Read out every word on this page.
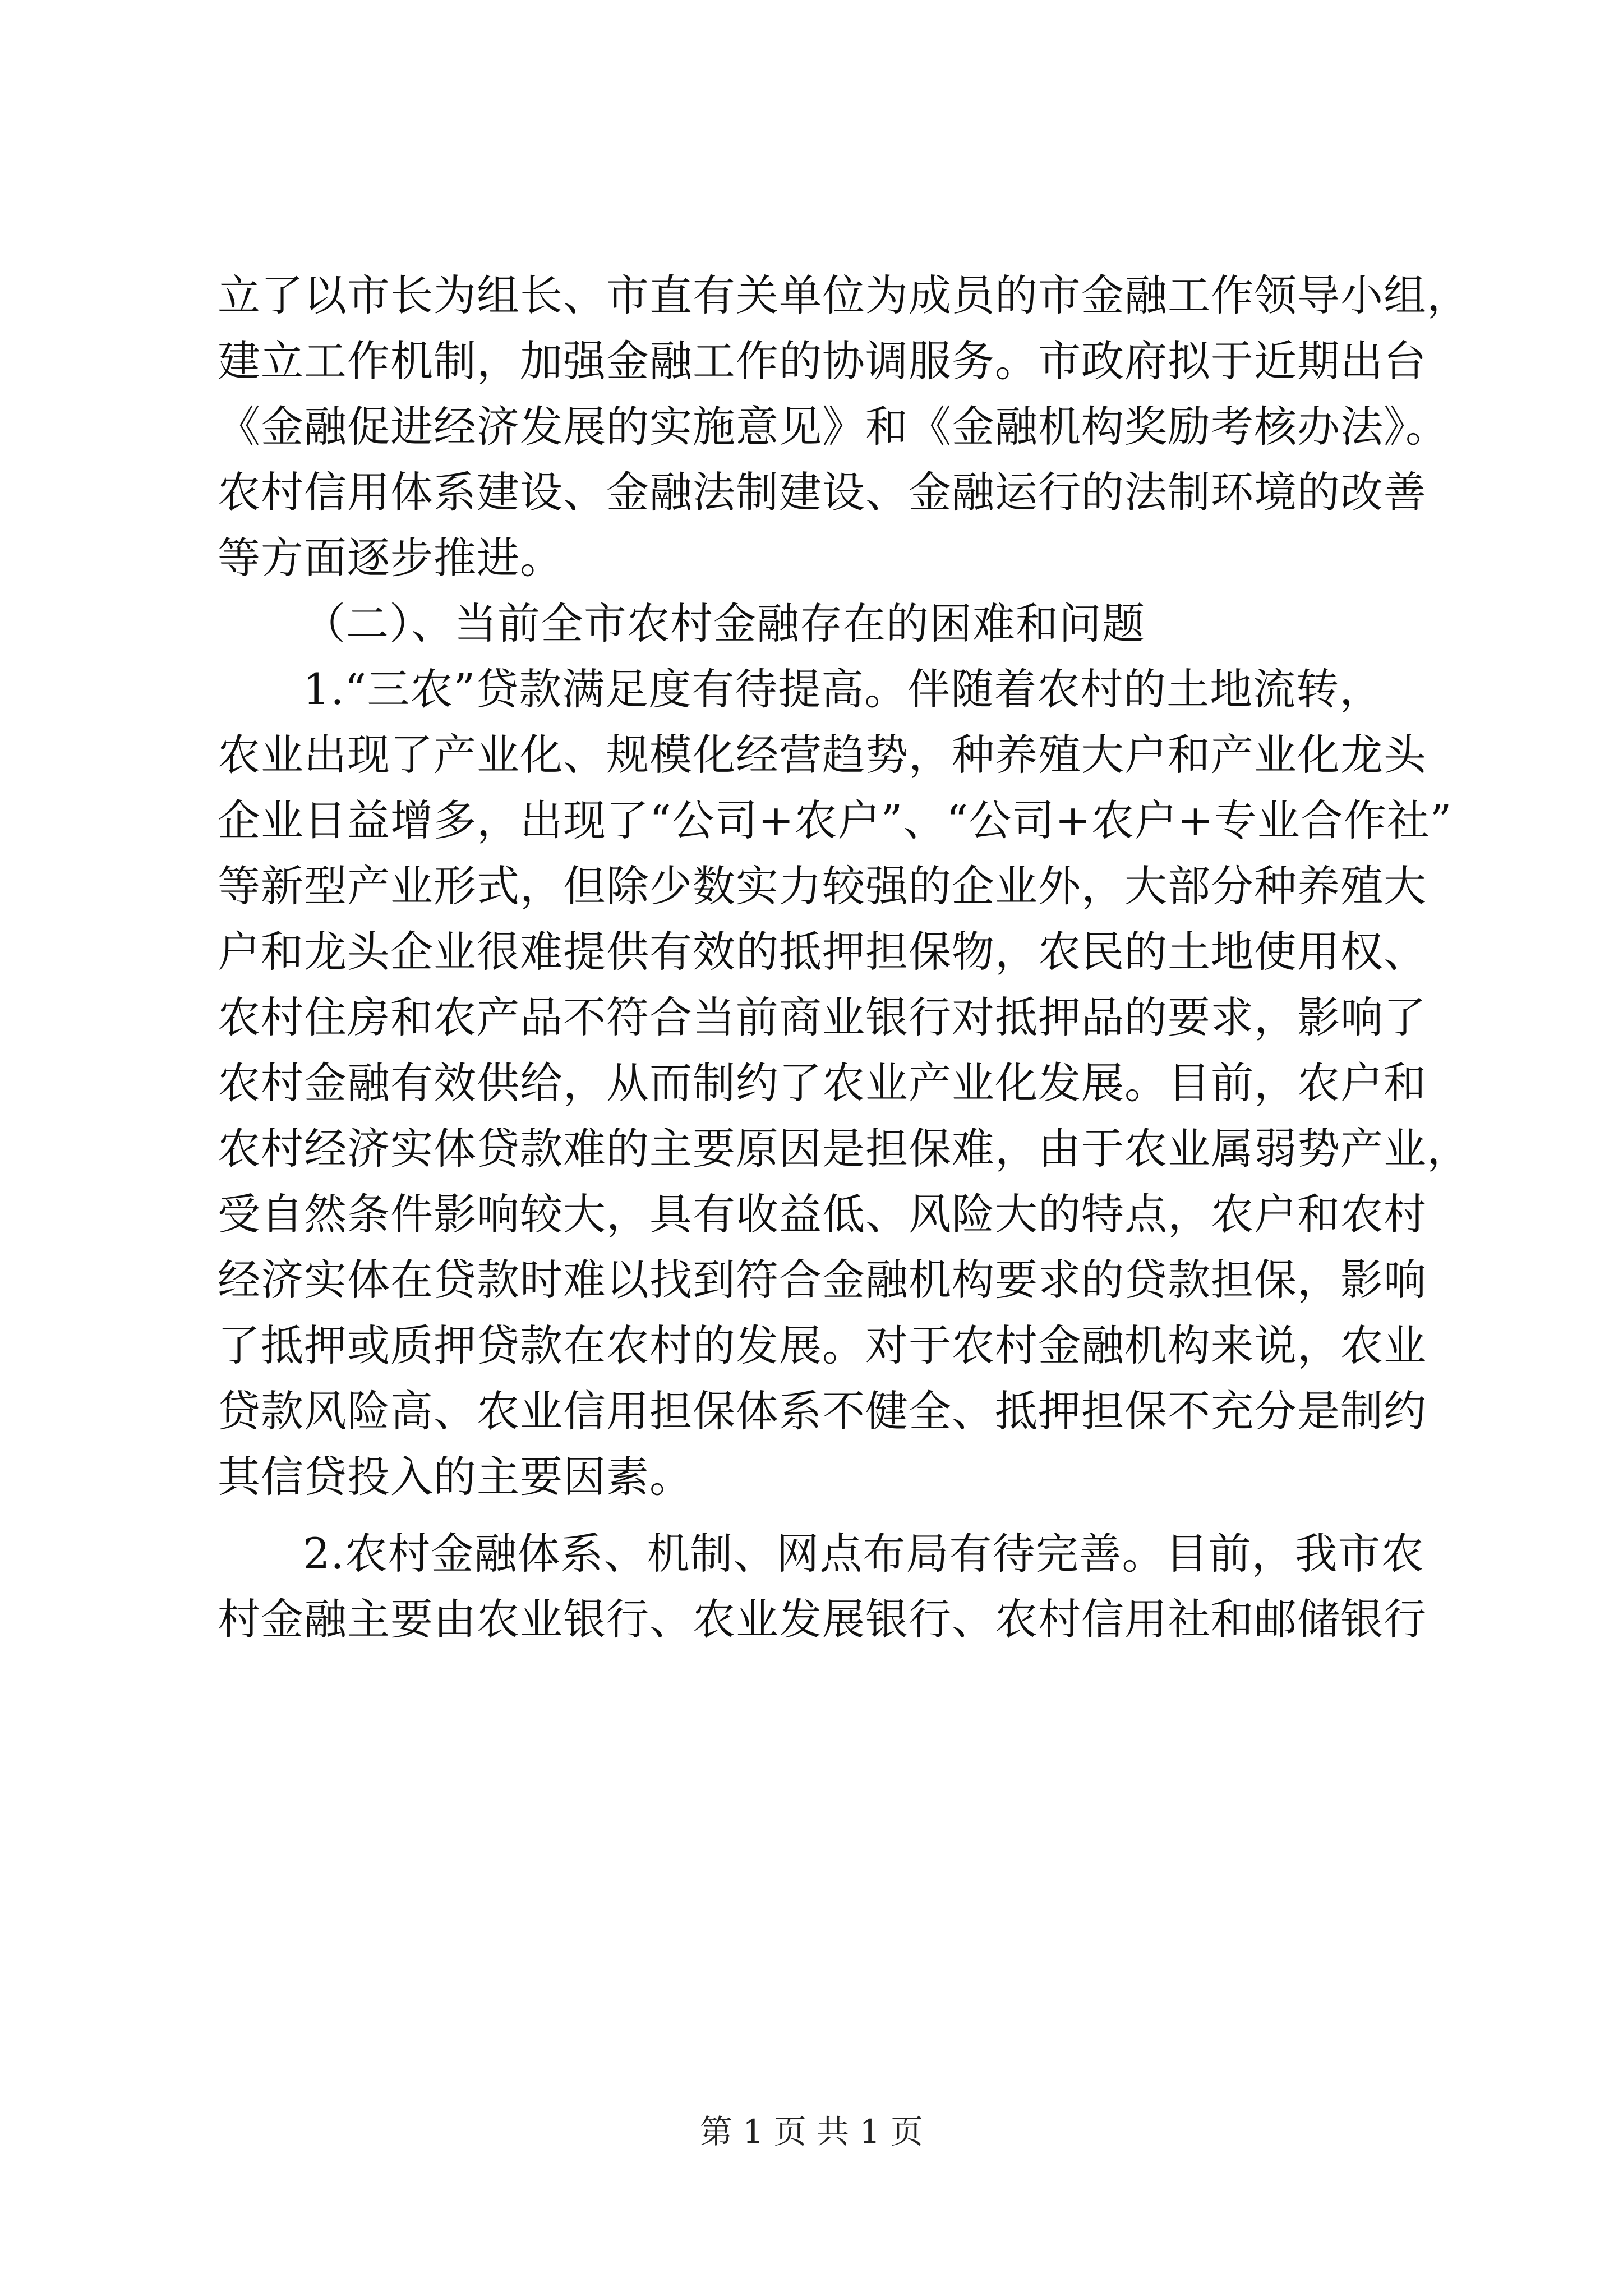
立了以市长为组长、市直有关单位为成员的市金融工作领导小组，
建立工作机制，加强金融工作的协调服务。市政府拟于近期出台
《金融促进经济发展的实施意见》和《金融机构奖励考核办法》。
农村信用体系建设、金融法制建设、金融运行的法制环境的改善
等方面逐步推进。
（二）、当前全市农村金融存在的困难和问题
1.“三农”贷款满足度有待提高。伴随着农村的土地流转，
农业出现了产业化、规模化经营趋势，种养殖大户和产业化龙头
企业日益增多，出现了“公司+农户”、“公司+农户+专业合作社”
等新型产业形式，但除少数实力较强的企业外，大部分种养殖大
户和龙头企业很难提供有效的抵押担保物，农民的土地使用权、
农村住房和农产品不符合当前商业银行对抵押品的要求，影响了
农村金融有效供给，从而制约了农业产业化发展。目前，农户和
农村经济实体贷款难的主要原因是担保难，由于农业属弱势产业，
受自然条件影响较大，具有收益低、风险大的特点，农户和农村
经济实体在贷款时难以找到符合金融机构要求的贷款担保，影响
了抵押或质押贷款在农村的发展。对于农村金融机构来说，农业
贷款风险高、农业信用担保体系不健全、抵押担保不充分是制约
其信贷投入的主要因素。
2.农村金融体系、机制、网点布局有待完善。目前，我市农
村金融主要由农业银行、农业发展银行、农村信用社和邮储银行
第 1 页 共 1 页
